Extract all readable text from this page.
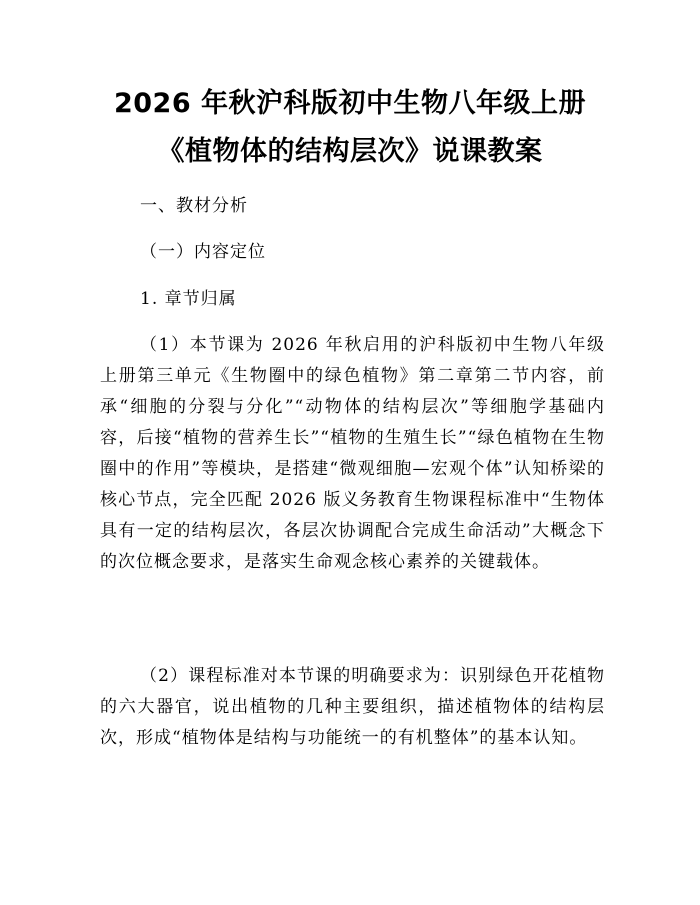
2026 年秋沪科版初中生物八年级上册《植物体的结构层次》说课教案
一、教材分析
（一）内容定位
1. 章节归属
（1）本节课为 2026 年秋启用的沪科版初中生物八年级上册第三单元《生物圈中的绿色植物》第二章第二节内容，前承“细胞的分裂与分化”“动物体的结构层次”等细胞学基础内容，后接“植物的营养生长”“植物的生殖生长”“绿色植物在生物圈中的作用”等模块，是搭建“微观细胞—宏观个体”认知桥梁的核心节点，完全匹配 2026 版义务教育生物课程标准中“生物体具有一定的结构层次，各层次协调配合完成生命活动”大概念下的次位概念要求，是落实生命观念核心素养的关键载体。
（2）课程标准对本节课的明确要求为：识别绿色开花植物的六大器官，说出植物的几种主要组织，描述植物体的结构层次，形成“植物体是结构与功能统一的有机整体”的基本认知。
